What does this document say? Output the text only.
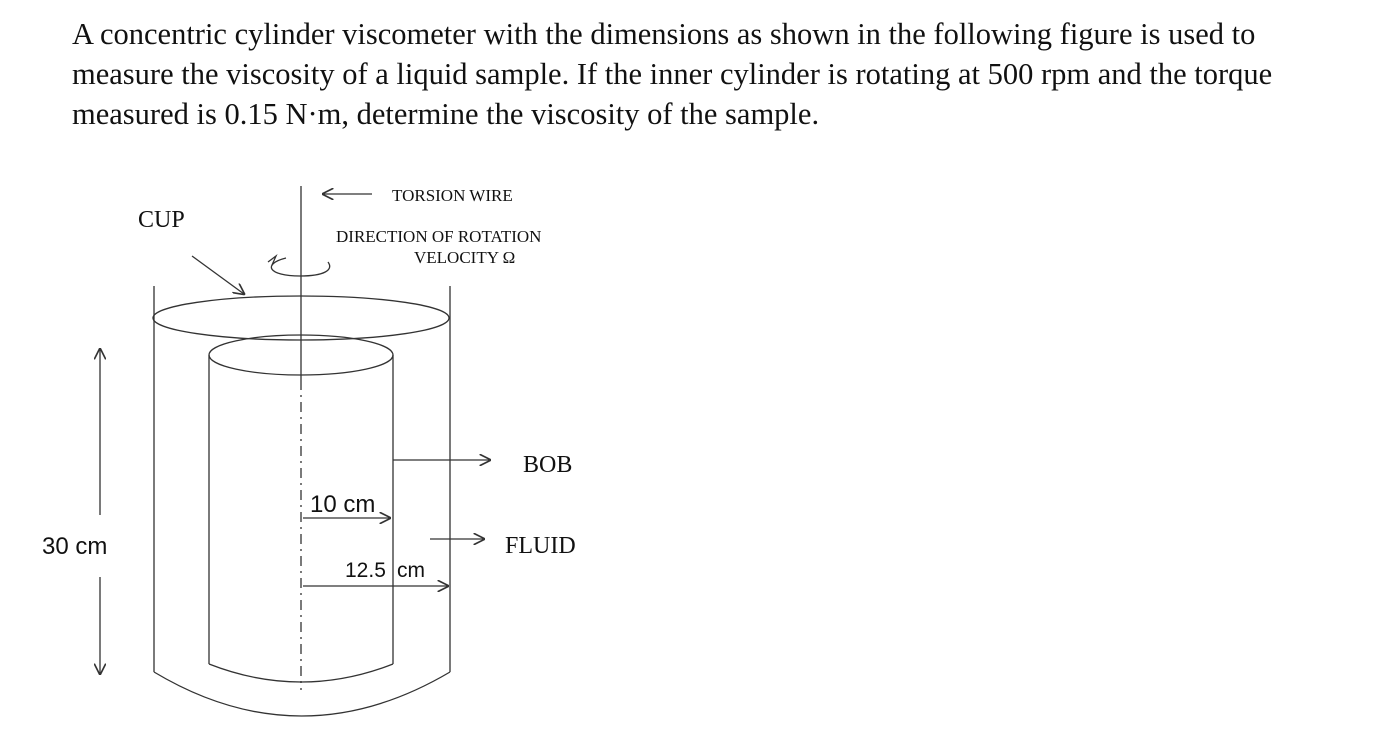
A concentric cylinder viscometer with the dimensions as shown in the following figure is used to
measure the viscosity of a liquid sample. If the inner cylinder is rotating at 500 rpm and the torque
measured is 0.15 N·m, determine the viscosity of the sample.
TORSION WIRE
DIRECTION OF ROTATION
VELOCITY Ω
CUP
BOB
FLUID
10 cm
12.5 cm
30 cm
